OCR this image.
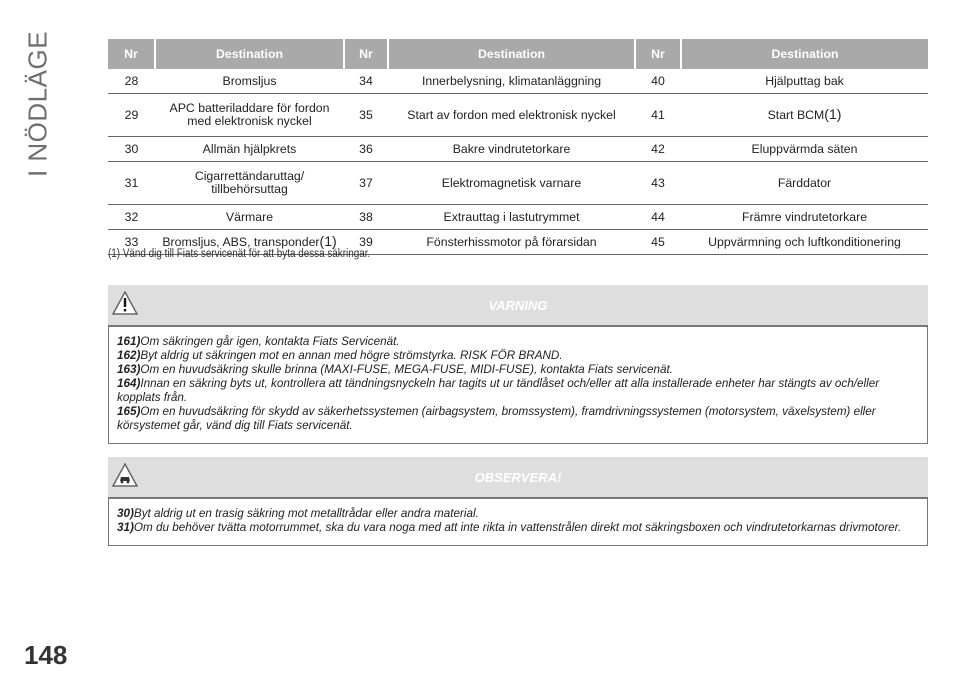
I NÖDLÄGE	Nr	Destination	Nr	Destination	Nr	Destination
28	Bromsljus	34	Innerbelysning, klimatanläggning	40	Hjälputtag bak
29	APC batteriladdare för fordon med elektronisk nyckel	35	Start av fordon med elektronisk nyckel	41	Start BCM(1)
30	Allmän hjälpkrets	36	Bakre vindrutetorkare	42	Eluppvärmda säten
31	Cigarrettändaruttag/ tillbehörsuttag	37	Elektromagnetisk varnare	43	Färddator
32	Värmare	38	Extrauttag i lastutrymmet	44	Främre vindrutetorkare
33	Bromsljus, ABS, transponder(1)	39	Fönsterhissmotor på förarsidan	45	Uppvärmning och luftkonditionering
(1) Vänd dig till Fiats servicenät för att byta dessa säkringar.
VARNING

161)Om säkringen går igen, kontakta Fiats Servicenät.

162)Byt aldrig ut säkringen mot en annan med högre strömstyrka. RISK FÖR BRAND.

163)Om en huvudsäkring skulle brinna (MAXI-FUSE, MEGA-FUSE, MIDI-FUSE), kontakta Fiats servicenät.

164)Innan en säkring byts ut, kontrollera att tändningsnyckeln har tagits ut ur tändlåset och/eller att alla installerade enheter har stängts av och/eller kopplats från.

165)Om en huvudsäkring för skydd av säkerhetssystemen (airbagsystem, bromssystem), framdrivningssystemen (motorsystem, växelsystem) eller körsystemet går, vänd dig till Fiats servicenät.

OBSERVERA!

30)Byt aldrig ut en trasig säkring mot metalltrådar eller andra material.

31)Om du behöver tvätta motorrummet, ska du vara noga med att inte rikta in vattenstrålen direkt mot säkringsboxen och vindrutetorkarnas drivmotorer.

148
